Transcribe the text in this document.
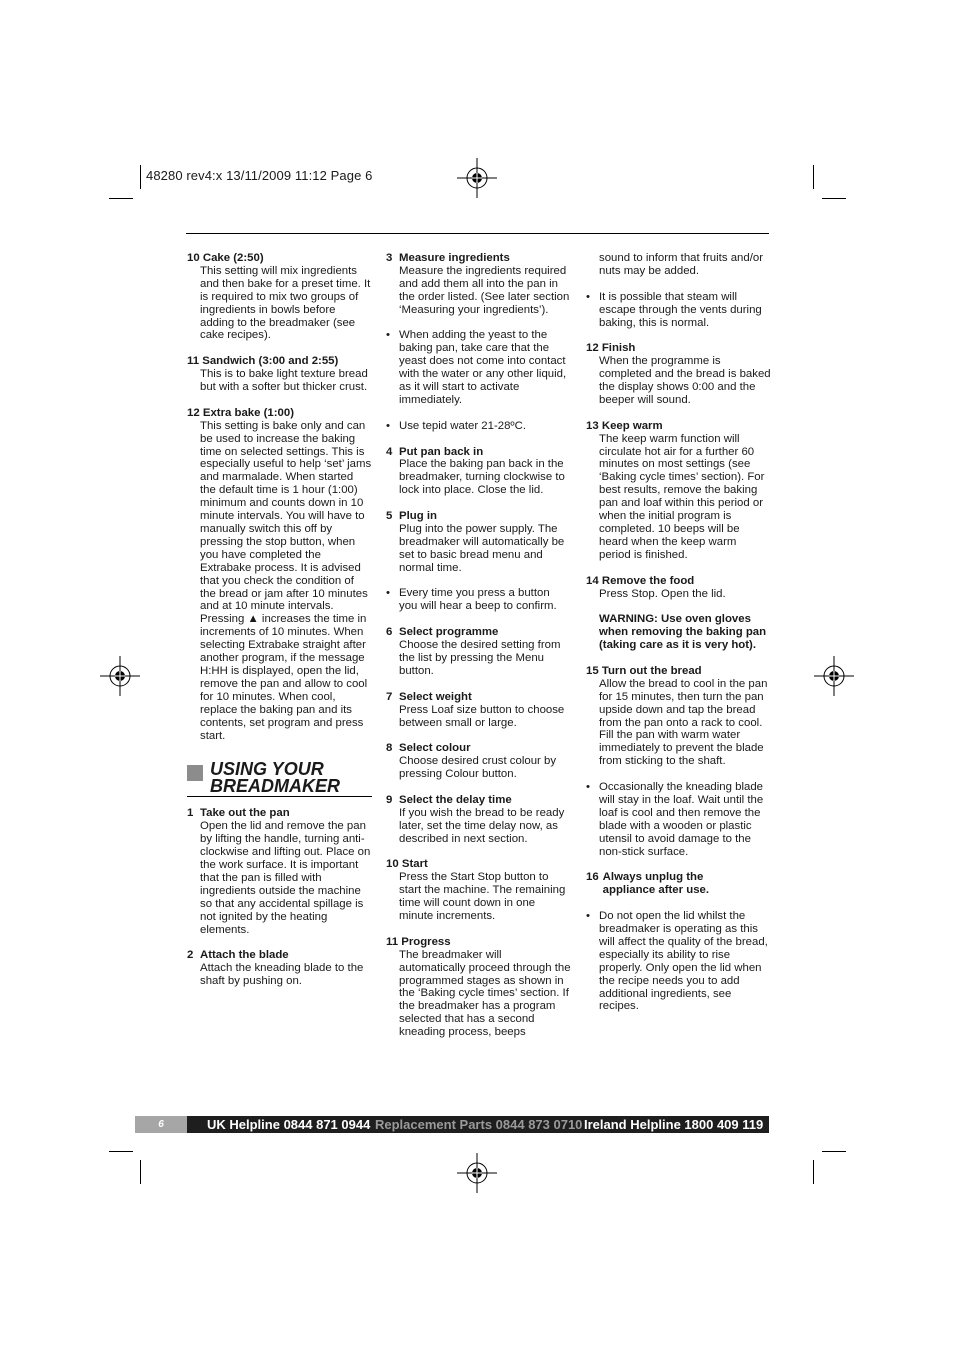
48280 rev4:x 13/11/2009 11:12 Page 6
10 Cake (2:50)

This setting will mix ingredients and then bake for a preset time. It is required to mix two groups of ingredients in bowls before adding to the breadmaker (see cake recipes).

11 Sandwich (3:00 and 2:55)

This is to bake light texture bread but with a softer but thicker crust.

12 Extra bake (1:00)

This setting is bake only and can be used to increase the baking time on selected settings. This is especially useful to help ‘set’ jams and marmalade. When started the default time is 1 hour (1:00) minimum and counts down in 10 minute intervals. You will have to manually switch this off by pressing the stop button, when you have completed the Extrabake process. It is advised that you check the condition of the bread or jam after 10 minutes and at 10 minute intervals.

Pressing ▲ increases the time in increments of 10 minutes. When selecting Extrabake straight after another program, if the message H:HH is displayed, open the lid, remove the pan and allow to cool for 10 minutes. When cool, replace the baking pan and its contents, set program and press start.

USING YOUR BREADMAKER
1 Take out the pan

Open the lid and remove the pan by lifting the handle, turning anti-clockwise and lifting out. Place on the work surface. It is important that the pan is filled with ingredients outside the machine so that any accidental spillage is not ignited by the heating elements.

2 Attach the blade

Attach the kneading blade to the shaft by pushing on.

3 Measure ingredients

Measure the ingredients required and add them all into the pan in the order listed. (See later section ‘Measuring your ingredients’).

• When adding the yeast to the baking pan, take care that the yeast does not come into contact with the water or any other liquid, as it will start to activate immediately.
• Use tepid water 21-28ºC.
4 Put pan back in

Place the baking pan back in the breadmaker, turning clockwise to lock into place. Close the lid.

5 Plug in

Plug into the power supply. The breadmaker will automatically be set to basic bread menu and normal time.

• Every time you press a button you will hear a beep to confirm.
6 Select programme

Choose the desired setting from the list by pressing the Menu button.

7 Select weight

Press Loaf size button to choose between small or large.

8 Select colour

Choose desired crust colour by pressing Colour button.

9 Select the delay time

If you wish the bread to be ready later, set the time delay now, as described in next section.

10 Start

Press the Start Stop button to start the machine. The remaining time will count down in one minute increments.

11 Progress

The breadmaker will automatically proceed through the programmed stages as shown in the ‘Baking cycle times’ section. If the breadmaker has a program selected that has a second kneading process, beeps

sound to inform that fruits and/or nuts may be added.
• It is possible that steam will escape through the vents during baking, this is normal.
12 Finish

When the programme is completed and the bread is baked the display shows 0:00 and the beeper will sound.

13 Keep warm

The keep warm function will circulate hot air for a further 60 minutes on most settings (see ‘Baking cycle times’ section). For best results, remove the baking pan and loaf within this period or when the initial program is completed. 10 beeps will be heard when the keep warm period is finished.

14 Remove the food

Press Stop. Open the lid.

WARNING: Use oven gloves when removing the baking pan (taking care as it is very hot).

15 Turn out the bread

Allow the bread to cool in the pan for 15 minutes, then turn the pan upside down and tap the bread from the pan onto a rack to cool. Fill the pan with warm water immediately to prevent the blade from sticking to the shaft.

• Occasionally the kneading blade will stay in the loaf. Wait until the loaf is cool and then remove the blade with a wooden or plastic utensil to avoid damage to the non-stick surface.
16 Always unplug the appliance after use.
• Do not open the lid whilst the breadmaker is operating as this will affect the quality of the bread, especially its ability to rise properly. Only open the lid when the recipe needs you to add additional ingredients, see recipes.
6	UK Helpline 0844 871 0944 Replacement Parts 0844 873 0710 Ireland Helpline 1800 409 119
